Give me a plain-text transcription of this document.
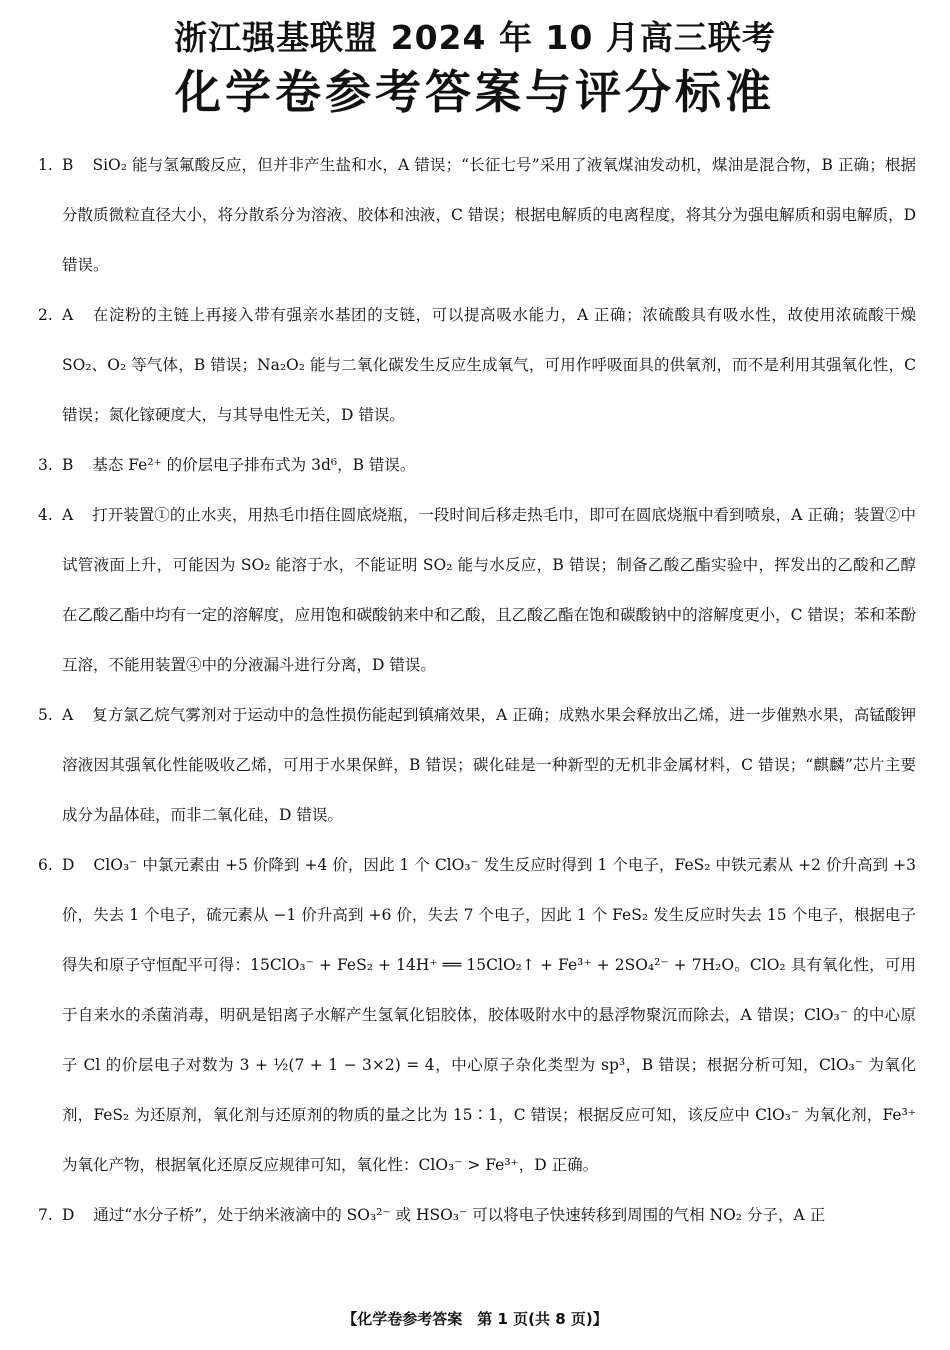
浙江强基联盟 2024 年 10 月高三联考
化学卷参考答案与评分标准
1. B SiO₂ 能与氢氟酸反应，但并非产生盐和水，A 错误；“长征七号”采用了液氧煤油发动机，煤油是混合物，B 正确；根据分散质微粒直径大小，将分散系分为溶液、胶体和浊液，C 错误；根据电解质的电离程度，将其分为强电解质和弱电解质，D 错误。
2. A 在淀粉的主链上再接入带有强亲水基团的支链，可以提高吸水能力，A 正确；浓硫酸具有吸水性，故使用浓硫酸干燥 SO₂、O₂ 等气体，B 错误；Na₂O₂ 能与二氧化碳发生反应生成氧气，可用作呼吸面具的供氧剂，而不是利用其强氧化性，C 错误；氮化镓硬度大，与其导电性无关，D 错误。
3. B 基态 Fe²⁺ 的价层电子排布式为 3d⁶，B 错误。
4. A 打开装置①的止水夹，用热毛巾捂住圆底烧瓶，一段时间后移走热毛巾，即可在圆底烧瓶中看到喷泉，A 正确；装置②中试管液面上升，可能因为 SO₂ 能溶于水，不能证明 SO₂ 能与水反应，B 错误；制备乙酸乙酯实验中，挥发出的乙酸和乙醇在乙酸乙酯中均有一定的溶解度，应用饱和碳酸钠来中和乙酸，且乙酸乙酯在饱和碳酸钠中的溶解度更小，C 错误；苯和苯酚互溶，不能用装置④中的分液漏斗进行分离，D 错误。
5. A 复方氯乙烷气雾剂对于运动中的急性损伤能起到镇痛效果，A 正确；成熟水果会释放出乙烯，进一步催熟水果，高锰酸钾溶液因其强氧化性能吸收乙烯，可用于水果保鲜，B 错误；碳化硅是一种新型的无机非金属材料，C 错误；“麒麟”芯片主要成分为晶体硅，而非二氧化硅，D 错误。
6. D ClO₃⁻ 中氯元素由 +5 价降到 +4 价，因此 1 个 ClO₃⁻ 发生反应时得到 1 个电子，FeS₂ 中铁元素从 +2 价升高到 +3 价，失去 1 个电子，硫元素从 −1 价升高到 +6 价，失去 7 个电子，因此 1 个 FeS₂ 发生反应时失去 15 个电子，根据电子得失和原子守恒配平可得：15ClO₃⁻ + FeS₂ + 14H⁺ ══ 15ClO₂↑ + Fe³⁺ + 2SO₄²⁻ + 7H₂O。ClO₂ 具有氧化性，可用于自来水的杀菌消毒，明矾是铝离子水解产生氢氧化铝胶体，胶体吸附水中的悬浮物聚沉而除去，A 错误；ClO₃⁻ 的中心原子 Cl 的价层电子对数为 3 + ½(7 + 1 − 3×2) = 4，中心原子杂化类型为 sp³，B 错误；根据分析可知，ClO₃⁻ 为氧化剂，FeS₂ 为还原剂，氧化剂与还原剂的物质的量之比为 15∶1，C 错误；根据反应可知，该反应中 ClO₃⁻ 为氧化剂，Fe³⁺ 为氧化产物，根据氧化还原反应规律可知，氧化性：ClO₃⁻ > Fe³⁺，D 正确。
7. D 通过“水分子桥”，处于纳米液滴中的 SO₃²⁻ 或 HSO₃⁻ 可以将电子快速转移到周围的气相 NO₂ 分子，A 正
【化学卷参考答案　第 1 页(共 8 页)】
